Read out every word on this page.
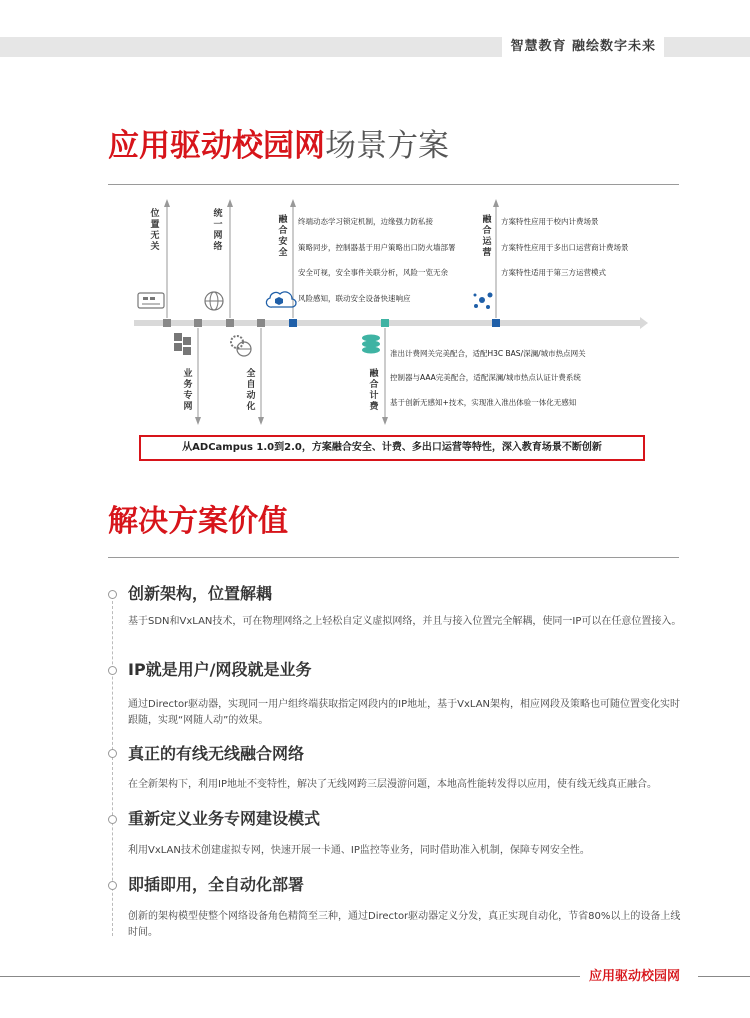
智慧教育 融绘数字未来
应用驱动校园网场景方案
位置无关
统一网络
融合安全
融合运营
业务专网
全自动化
融合计费
终端动态学习锁定机制，边缘强力防私接
策略同步，控制器基于用户策略出口防火墙部署
安全可视，安全事件关联分析，风险一览无余
风险感知，联动安全设备快速响应
方案特性应用于校内计费场景
方案特性应用于多出口运营商计费场景
方案特性适用于第三方运营模式
准出计费网关完美配合，适配H3C BAS/深澜/城市热点网关
控制器与AAA完美配合，适配深澜/城市热点认证计费系统
基于创新无感知+技术，实现准入准出体验一体化无感知
从ADCampus 1.0到2.0，方案融合安全、计费、多出口运营等特性，深入教育场景不断创新
解决方案价值
创新架构，位置解耦
基于SDN和VxLAN技术，可在物理网络之上轻松自定义虚拟网络，并且与接入位置完全解耦，使同一IP可以在任意位置接入。
IP就是用户/网段就是业务
通过Director驱动器，实现同一用户组终端获取指定网段内的IP地址，基于VxLAN架构，相应网段及策略也可随位置变化实时跟随，实现“网随人动”的效果。
真正的有线无线融合网络
在全新架构下，利用IP地址不变特性，解决了无线网跨三层漫游问题，本地高性能转发得以应用，使有线无线真正融合。
重新定义业务专网建设模式
利用VxLAN技术创建虚拟专网，快速开展一卡通、IP监控等业务，同时借助准入机制，保障专网安全性。
即插即用，全自动化部署
创新的架构模型使整个网络设备角色精简至三种，通过Director驱动器定义分发，真正实现自动化，节省80%以上的设备上线时间。
应用驱动校园网
